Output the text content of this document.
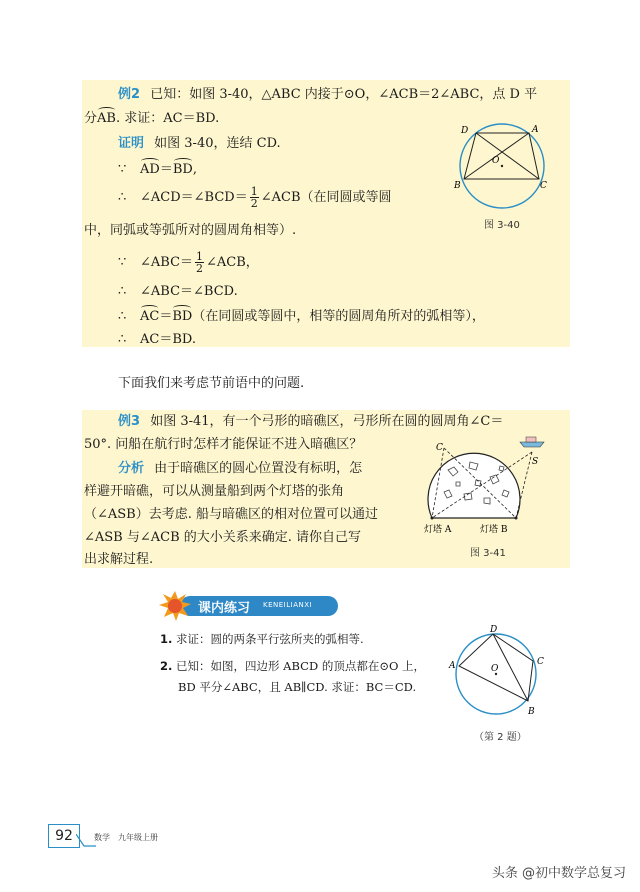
例2 已知：如图 3-40，△ABC 内接于⊙O，∠ACB＝2∠ABC，点 D 平
分AB. 求证：AC＝BD.
证明 如图 3-40，连结 CD.
∵ AD＝BD,
∴ ∠ACD＝∠BCD＝ $\frac{1}{2}$ ∠ACB（在同圆或等圆
中，同弧或等弧所对的圆周角相等）.
∵ ∠ABC＝ $\frac{1}{2}$ ∠ACB，
∴ ∠ABC＝∠BCD.
∴ AC＝BD（在同圆或等圆中，相等的圆周角所对的弧相等），
∴ AC＝BD.
D	A
O
B	C
图 3-40
下面我们来考虑节前语中的问题.
例3 如图 3-41，有一个弓形的暗礁区，弓形所在圆的圆周角∠C＝
50°. 问船在航行时怎样才能保证不进入暗礁区？
分析 由于暗礁区的圆心位置没有标明，怎
样避开暗礁，可以从测量船到两个灯塔的张角
（∠ASB）去考虑. 船与暗礁区的相对位置可以通过
∠ASB 与∠ACB 的大小关系来确定. 请你自己写
出求解过程.
C
S
灯塔 A	灯塔 B
图 3-41
课内练习 KENEILIANXI
1. 求证：圆的两条平行弦所夹的弧相等.
2. 已知：如图，四边形 ABCD 的顶点都在⊙O 上，
BD 平分∠ABC，且 AB∥CD. 求证：BC＝CD.
D
C
B
A	O
（第 2 题）
92	数学 九年级上册
头条 @初中数学总复习
